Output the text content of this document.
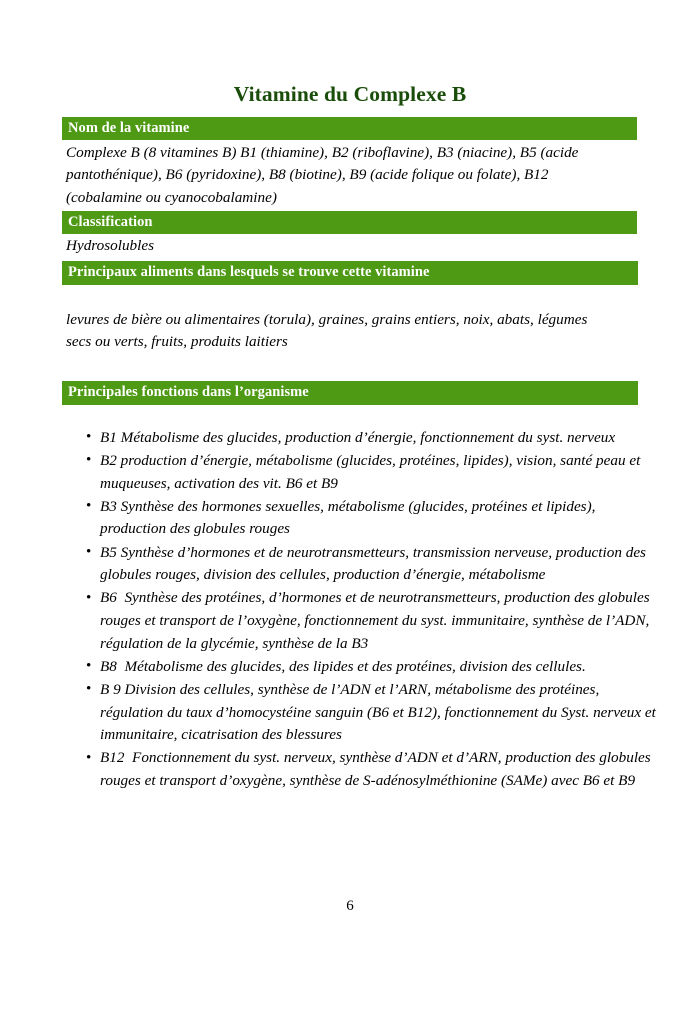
Vitamine du Complexe B
Nom de la vitamine

Complexe B (8 vitamines B) B1 (thiamine), B2 (riboflavine), B3 (niacine), B5 (acide pantothénique), B6 (pyridoxine), B8 (biotine), B9 (acide folique ou folate), B12 (cobalamine ou cyanocobalamine)

Classification

Hydrosolubles

Principaux aliments dans lesquels se trouve cette vitamine

levures de bière ou alimentaires (torula), graines, grains entiers, noix, abats, légumes secs ou verts, fruits, produits laitiers

Principales fonctions dans l’organisme
• B1 Métabolisme des glucides, production d’énergie, fonctionnement du syst. nerveux
• B2 production d’énergie, métabolisme (glucides, protéines, lipides), vision, santé peau et muqueuses, activation des vit. B6 et B9
• B3 Synthèse des hormones sexuelles, métabolisme (glucides, protéines et lipides), production des globules rouges
• B5 Synthèse d’hormones et de neurotransmetteurs, transmission nerveuse, production des globules rouges, division des cellules, production d’énergie, métabolisme
• B6  Synthèse des protéines, d’hormones et de neurotransmetteurs, production des globules rouges et transport de l’oxygène, fonctionnement du syst. immunitaire, synthèse de l’ADN, régulation de la glycémie, synthèse de la B3
• B8  Métabolisme des glucides, des lipides et des protéines, division des cellules.
• B 9 Division des cellules, synthèse de l’ADN et l’ARN, métabolisme des protéines, régulation du taux d’homocystéine sanguin (B6 et B12), fonctionnement du Syst. nerveux et immunitaire, cicatrisation des blessures
• B12  Fonctionnement du syst. nerveux, synthèse d’ADN et d’ARN, production des globules rouges et transport d’oxygène, synthèse de S-adénosylméthionine (SAMe) avec B6 et B9
6
